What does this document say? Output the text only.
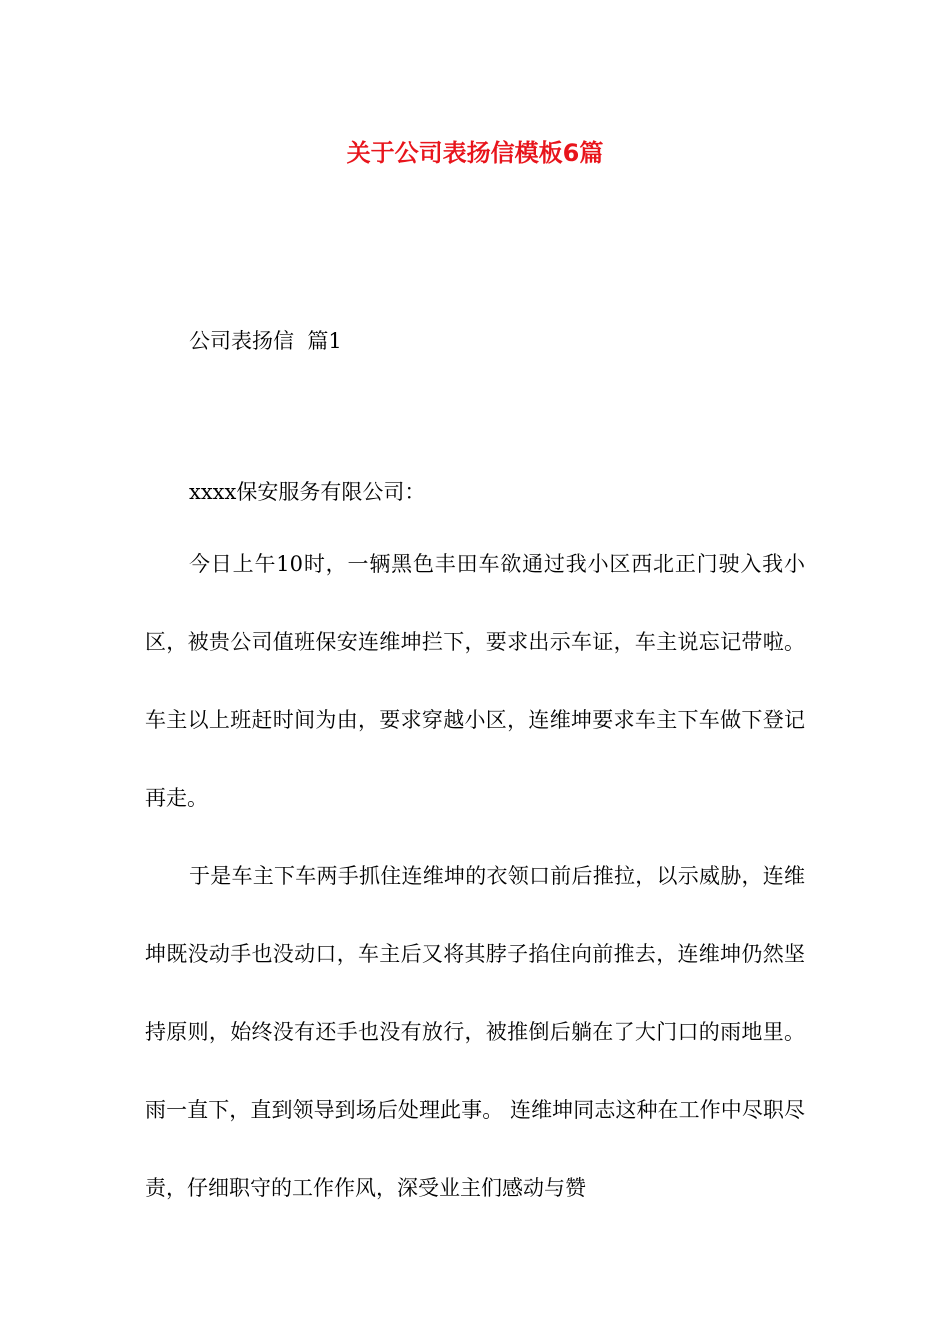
关于公司表扬信模板6篇
公司表扬信  篇1
xxxx保安服务有限公司：

今日上午10时，一辆黑色丰田车欲通过我小区西北正门驶入我小区，被贵公司值班保安连维坤拦下，要求出示车证，车主说忘记带啦。车主以上班赶时间为由，要求穿越小区，连维坤要求车主下车做下登记再走。

于是车主下车两手抓住连维坤的衣领口前后推拉，以示威胁，连维坤既没动手也没动口，车主后又将其脖子掐住向前推去，连维坤仍然坚持原则，始终没有还手也没有放行，被推倒后躺在了大门口的雨地里。雨一直下，直到领导到场后处理此事。 连维坤同志这种在工作中尽职尽责，仔细职守的工作作风，深受业主们感动与赞
